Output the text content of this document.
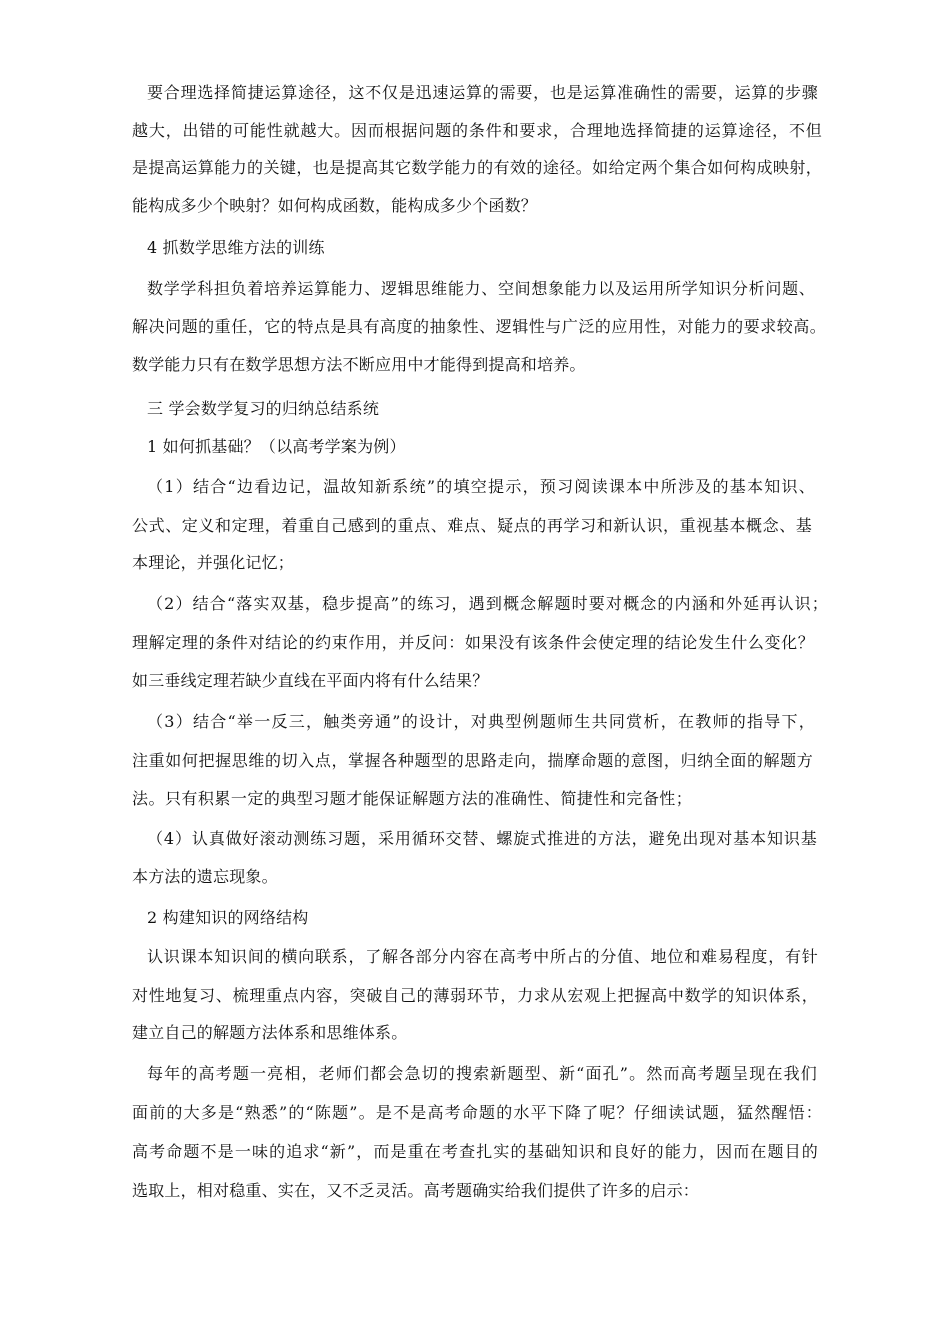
要合理选择简捷运算途径，这不仅是迅速运算的需要，也是运算准确性的需要，运算的步骤
越大，出错的可能性就越大。因而根据问题的条件和要求，合理地选择简捷的运算途径，不但
是提高运算能力的关键，也是提高其它数学能力的有效的途径。如给定两个集合如何构成映射，
能构成多少个映射？如何构成函数，能构成多少个函数？
4 抓数学思维方法的训练
数学学科担负着培养运算能力、逻辑思维能力、空间想象能力以及运用所学知识分析问题、
解决问题的重任，它的特点是具有高度的抽象性、逻辑性与广泛的应用性，对能力的要求较高。
数学能力只有在数学思想方法不断应用中才能得到提高和培养。
三 学会数学复习的归纳总结系统
1 如何抓基础？（以高考学案为例）
（1）结合“边看边记，温故知新系统”的填空提示，预习阅读课本中所涉及的基本知识、
公式、定义和定理，着重自己感到的重点、难点、疑点的再学习和新认识，重视基本概念、基
本理论，并强化记忆；
（2）结合“落实双基，稳步提高”的练习，遇到概念解题时要对概念的内涵和外延再认识；
理解定理的条件对结论的约束作用，并反问：如果没有该条件会使定理的结论发生什么变化？
如三垂线定理若缺少直线在平面内将有什么结果？
（3）结合“举一反三，触类旁通”的设计，对典型例题师生共同赏析，在教师的指导下，
注重如何把握思维的切入点，掌握各种题型的思路走向，揣摩命题的意图，归纳全面的解题方
法。只有积累一定的典型习题才能保证解题方法的准确性、简捷性和完备性；
（4）认真做好滚动测练习题，采用循环交替、螺旋式推进的方法，避免出现对基本知识基
本方法的遗忘现象。
2 构建知识的网络结构
认识课本知识间的横向联系，了解各部分内容在高考中所占的分值、地位和难易程度，有针
对性地复习、梳理重点内容，突破自己的薄弱环节，力求从宏观上把握高中数学的知识体系，
建立自己的解题方法体系和思维体系。
每年的高考题一亮相，老师们都会急切的搜索新题型、新“面孔”。然而高考题呈现在我们
面前的大多是“熟悉”的“陈题”。是不是高考命题的水平下降了呢？仔细读试题，猛然醒悟：
高考命题不是一味的追求“新”，而是重在考查扎实的基础知识和良好的能力，因而在题目的
选取上，相对稳重、实在，又不乏灵活。高考题确实给我们提供了许多的启示：
